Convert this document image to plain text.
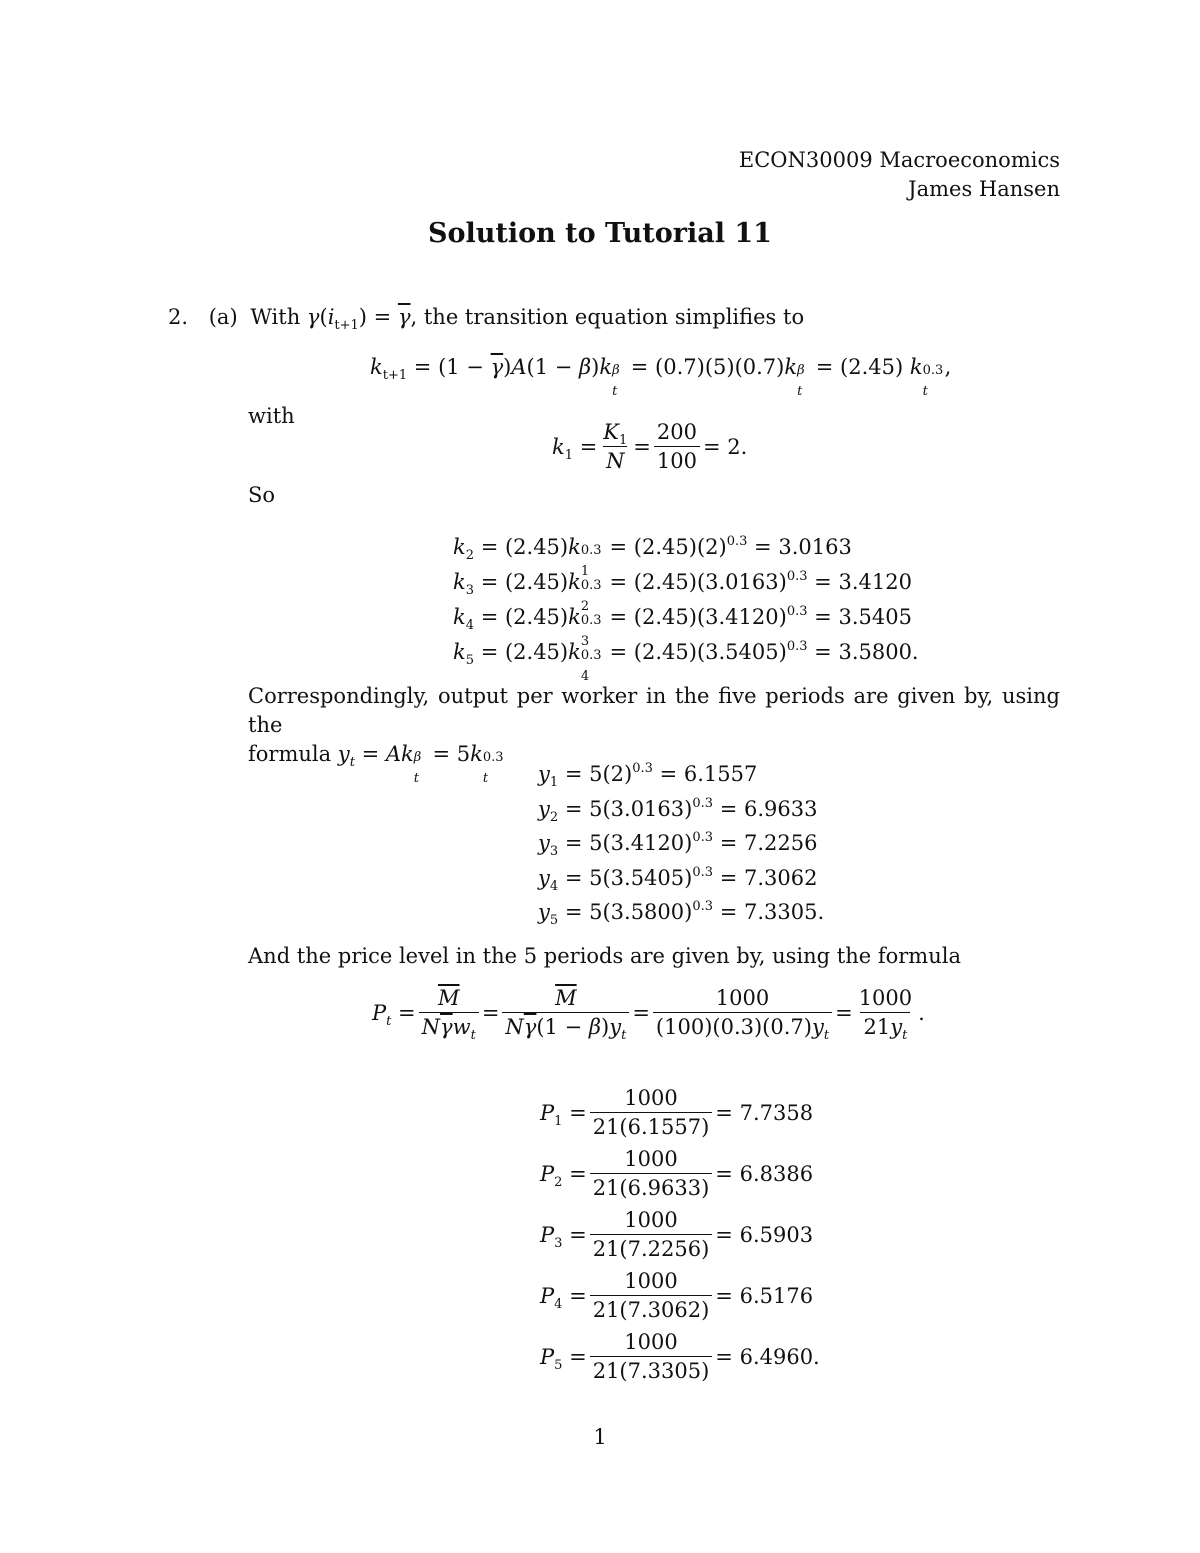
ECON30009 Macroeconomics
James Hansen
Solution to Tutorial 11
2. (a) With $\gamma(i_{t+1}) = \overline{\gamma}$, the transition equation simplifies to
$k_{t+1} = (1 - \overline{\gamma})A(1 - \beta)k$ β
t
= (0.7)(5)(0.7)k β
t
= (2.45) k 0.3
t
,
with
$k_1 = \frac{K_1}{N} = \frac{200}{100} = 2$.
So
$k_2 = (2.45)k$ 0.3
1
= $(2.45)(2)^{0.3} = 3.0163$
$k_3 = (2.45)k$ 0.3
2
= $(2.45)(3.0163)^{0.3} = 3.4120$
$k_4 = (2.45)k$ 0.3
3
= $(2.45)(3.4120)^{0.3} = 3.5405$
$k_5 = (2.45)k$ 0.3
4
= $(2.45)(3.5405)^{0.3} = 3.5800$.
Correspondingly, output per worker in the five periods are given by, using the
formula $y_t = Ak$ β
t
= 5k 0.3
t $y_1 = 5(2)^{0.3} = 6.1557$
$y_2 = 5(3.0163)^{0.3} = 6.9633$
$y_3 = 5(3.4120)^{0.3} = 7.2256$
$y_4 = 5(3.5405)^{0.3} = 7.3062$
$y_5 = 5(3.5800)^{0.3} = 7.3305$.
And the price level in the 5 periods are given by, using the formula
$P_t = \frac{\overline{M}}{N\overline{\gamma}w_t} = \frac{\overline{M}}{N\overline{\gamma}(1 - \beta)y_t} = \frac{1000}{(100)(0.3)(0.7)y_t} = \frac{1000}{21y_t}$ .
$P_1 = \frac{1000}{21(6.1557)} = 7.7358$
$P_2 = \frac{1000}{21(6.9633)} = 6.8386$
$P_3 = \frac{1000}{21(7.2256)} = 6.5903$
$P_4 = \frac{1000}{21(7.3062)} = 6.5176$
$P_5 = \frac{1000}{21(7.3305)} = 6.4960$.
1
